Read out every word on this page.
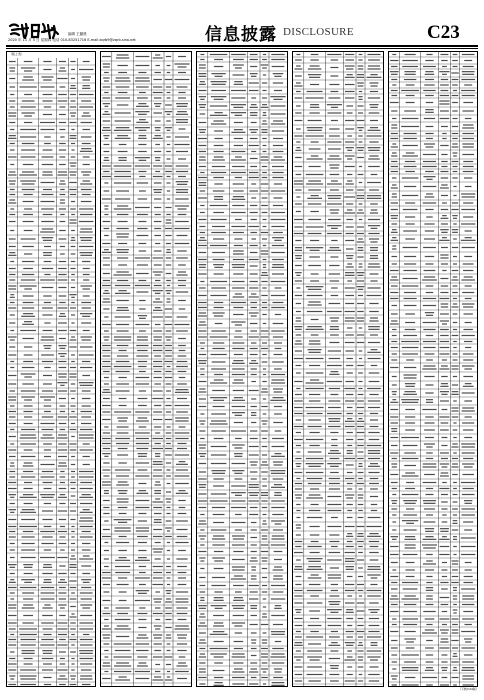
编辑 王璐晨
2020 年 11 月 5 日 星期四 电话 010-83251716 E-mail:zqrb9@zqrb.sina.net	信息披露 DISCLOSURE	C23
（续上表）
（下转C24版）
